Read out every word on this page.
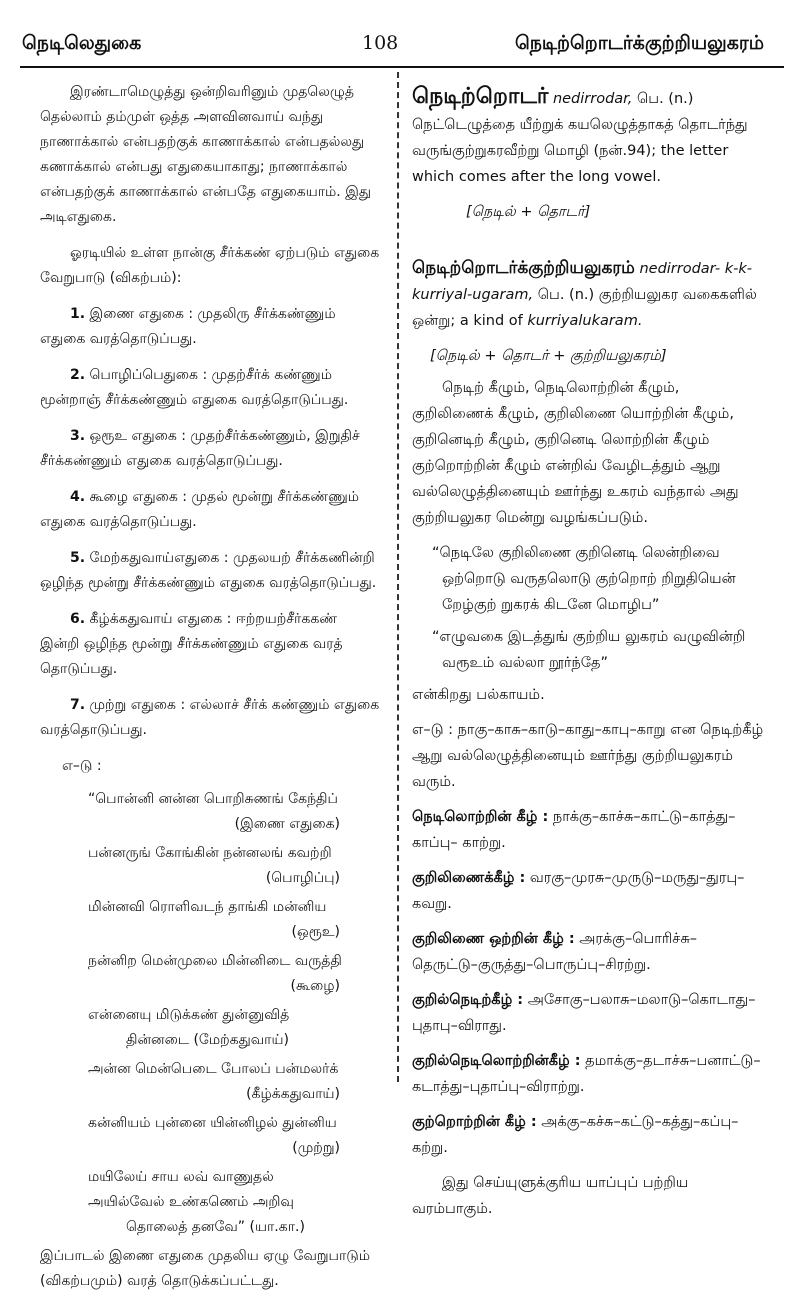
நெடிலெதுகை	108	நெடிற்றொடர்க்குற்றியலுகரம்

இரண்டாமெழுத்து ஒன்றிவரினும் முதலெழுத் தெல்லாம் தம்முள் ஒத்த அளவினவாய் வந்து நாணாக்கால் என்பதற்குக் காணாக்கால் என்பதல்லது கணாக்கால் என்பது எதுகையாகாது; நாணாக்கால் என்பதற்குக் காணாக்கால் என்பதே எதுகையாம். இது அடிஎதுகை.

ஓரடியில் உள்ள நான்கு சீர்க்கண் ஏற்படும் எதுகை வேறுபாடு (விகற்பம்):

1. இணை எதுகை : முதலிரு சீர்க்கண்ணும் எதுகை வரத்தொடுப்பது.

2. பொழிப்பெதுகை : முதற்சீர்க் கண்ணும் மூன்றாஞ் சீர்க்கண்ணும் எதுகை வரத்தொடுப்பது.

3. ஒரூஉ எதுகை : முதற்சீர்க்கண்ணும், இறுதிச் சீர்க்கண்ணும் எதுகை வரத்தொடுப்பது.

4. கூழை எதுகை : முதல் மூன்று சீர்க்கண்ணும் எதுகை வரத்தொடுப்பது.

5. மேற்கதுவாய்எதுகை : முதலயற் சீர்க்கணின்றி ஒழிந்த மூன்று சீர்க்கண்ணும் எதுகை வரத்தொடுப்பது.

6. கீழ்க்கதுவாய் எதுகை : ஈற்றயற்சீர்ககண் இன்றி ஒழிந்த மூன்று சீர்க்கண்ணும் எதுகை வரத் தொடுப்பது.

7. முற்று எதுகை : எல்லாச் சீர்க் கண்ணும் எதுகை வரத்தொடுப்பது.

எ–டு :

“பொன்னி னன்ன பொறிசுணங் கேந்திப்

(இணை எதுகை)

பன்னருங் கோங்கின் நன்னலங் கவற்றி

(பொழிப்பு)

மின்னவி ரொளிவடந் தாங்கி மன்னிய

(ஒரூஉ)

நன்னிற மென்முலை மின்னிடை வருத்தி

(கூழை)

என்னையு மிடுக்கண் துன்னுவித்

தின்னடை (மேற்கதுவாய்)

அன்ன மென்பெடை போலப் பன்மலர்க்

(கீழ்க்கதுவாய்)

கன்னியம் புன்னை யின்னிழல் துன்னிய

(முற்று)

மயிலேய் சாய லவ் வாணுதல்

அயில்வேல் உண்கணெம் அறிவு

தொலைத் தனவே” (யா.கா.)

இப்பாடல் இணை எதுகை முதலிய ஏழு வேறுபாடும் (விகற்பமும்) வரத் தொடுக்கப்பட்டது.

நெடிற்றொடர் nedirrodar, பெ. (n.) நெட்டெழுத்தை யீற்றுக் கயலெழுத்தாகத் தொடர்ந்து வருங்குற்றுகரவீற்று மொழி (நன்.94); the letter which comes after the long vowel.

[நெடில் + தொடர்]

நெடிற்றொடர்க்குற்றியலுகரம் nedirrodar- k-k-kurriyal-ugaram, பெ. (n.) குற்றியலுகர வகைகளில் ஒன்று; a kind of kurriyalukaram.

[நெடில் + தொடர் + குற்றியலுகரம்]

நெடிற் கீழும், நெடிலொற்றின் கீழும், குறிலிணைக் கீழும், குறிலிணை யொற்றின் கீழும், குறினெடிற் கீழும், குறினெடி லொற்றின் கீழும் குற்றொற்றின் கீழும் என்றிவ் வேழிடத்தும் ஆறு வல்லெழுத்தினையும் ஊர்ந்து உகரம் வந்தால் அது குற்றியலுகர மென்று வழங்கப்படும்.

“நெடிலே குறிலிணை குறினெடி லென்றிவை ஒற்றொடு வருதலொடு குற்றொற் றிறுதியென் றேழ்குற் றுகரக் கிடனே மொழிப”

“எழுவகை இடத்துங் குற்றிய லுகரம் வழுவின்றி வரூஉம் வல்லா றூர்ந்தே”

என்கிறது பல்காயம்.

எ–டு : நாகு–காசு–காடு–காது–காபு–காறு என நெடிற்கீழ் ஆறு வல்லெழுத்தினையும் ஊர்ந்து குற்றியலுகரம் வரும்.

நெடிலொற்றின் கீழ் : நாக்கு–காச்சு–காட்டு–காத்து–காப்பு– காற்று.

குறிலிணைக்கீழ் : வரகு–முரசு–முருடு–மருது–துரபு– கவறு.

குறிலிணை ஒற்றின் கீழ் : அரக்கு–பொரிச்சு– தெருட்டு–குருத்து–பொருப்பு–சிரற்று.

குறில்நெடிற்கீழ் : அசோகு–பலாசு–மலாடு–கொடாது– புதாபு–விராது.

குறில்நெடிலொற்றின்கீழ் : தமாக்கு–தடாச்சு–பனாட்டு– கடாத்து–புதாப்பு–விராற்று.

குற்றொற்றின் கீழ் : அக்கு–கச்சு–கட்டு–கத்து–கப்பு– கற்று.

இது செய்யுளுக்குரிய யாப்புப் பற்றிய வரம்பாகும்.
